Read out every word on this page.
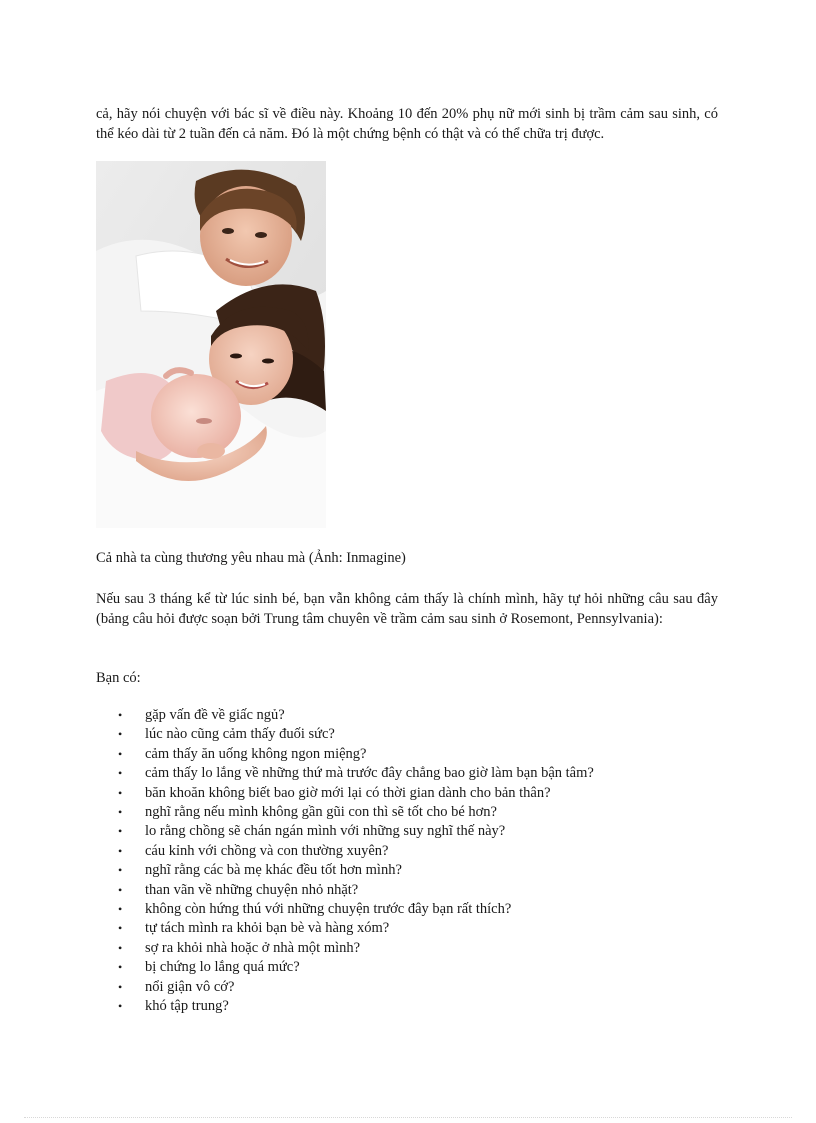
cả, hãy nói chuyện với bác sĩ về điều này. Khoảng 10 đến 20% phụ nữ mới sinh bị trầm cảm sau sinh, có thể kéo dài từ 2 tuần đến cả năm. Đó là một chứng bệnh có thật và có thể chữa trị được.

Cả nhà ta cùng thương yêu nhau mà (Ảnh: Inmagine)

Nếu sau 3 tháng kể từ lúc sinh bé, bạn vẫn không cảm thấy là chính mình, hãy tự hỏi những câu sau đây (bảng câu hỏi được soạn bởi Trung tâm chuyên về trầm cảm sau sinh ở Rosemont, Pennsylvania):

Bạn có:

• gặp vấn đề về giấc ngủ?
• lúc nào cũng cảm thấy đuối sức?
• cảm thấy ăn uống không ngon miệng?
• cảm thấy lo lắng về những thứ mà trước đây chẳng bao giờ làm bạn bận tâm?
• băn khoăn không biết bao giờ mới lại có thời gian dành cho bản thân?
• nghĩ rằng nếu mình không gần gũi con thì sẽ tốt cho bé hơn?
• lo rằng chồng sẽ chán ngán mình với những suy nghĩ thế này?
• cáu kỉnh với chồng và con thường xuyên?
• nghĩ rằng các bà mẹ khác đều tốt hơn mình?
• than vãn về những chuyện nhỏ nhặt?
• không còn hứng thú với những chuyện trước đây bạn rất thích?
• tự tách mình ra khỏi bạn bè và hàng xóm?
• sợ ra khỏi nhà hoặc ở nhà một mình?
• bị chứng lo lắng quá mức?
• nổi giận vô cớ?
• khó tập trung?
